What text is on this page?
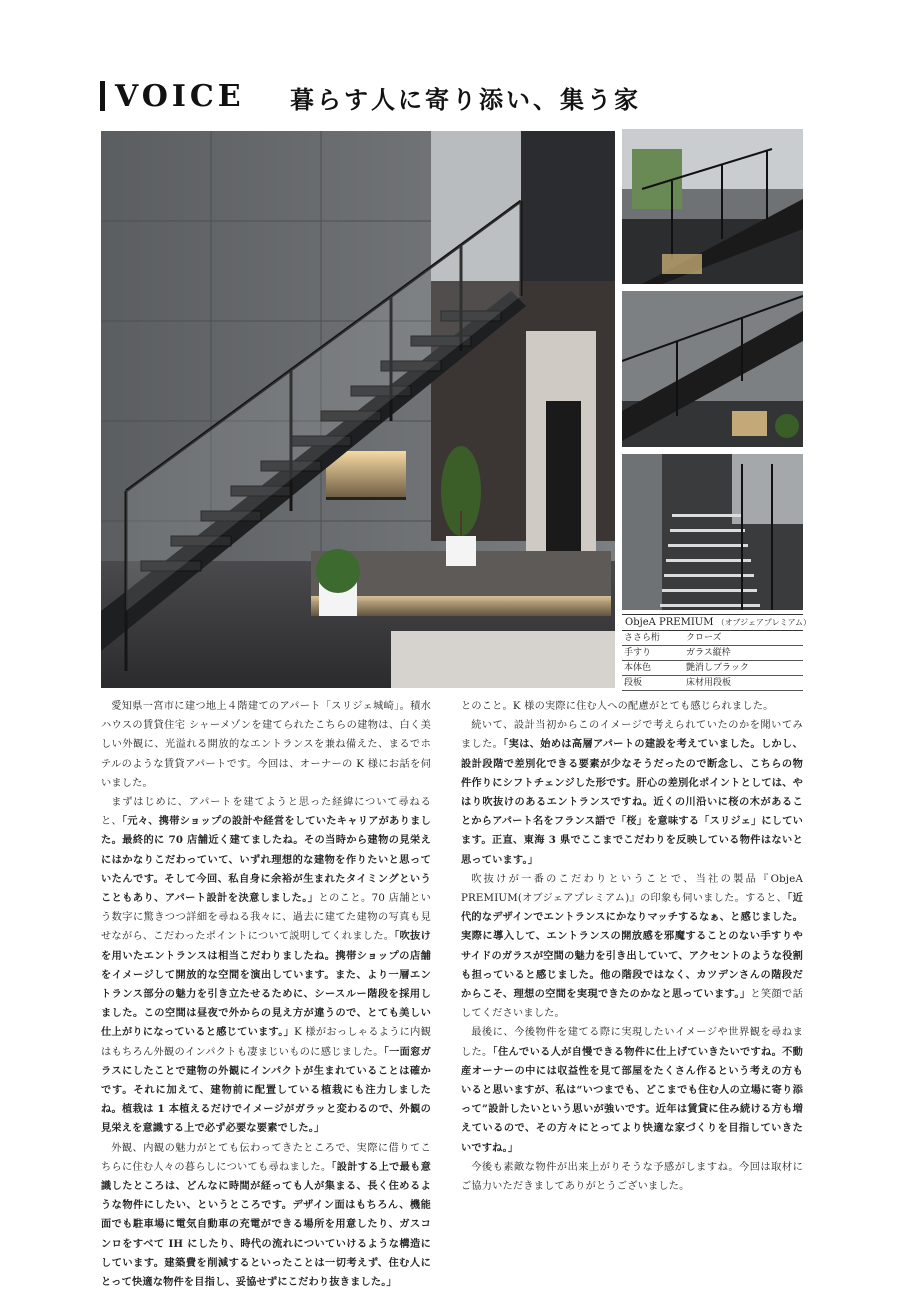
VOICE 暮らす人に寄り添い、集う家
ObjeA PREMIUM （オブジェアプレミアム）
ささら桁	クローズ
手すり	ガラス縦枠
本体色	艶消しブラック
段板	床材用段板

愛知県一宮市に建つ地上４階建てのアパート「スリジェ城崎」。積水ハウスの賃貸住宅 シャーメゾンを建てられたこちらの建物は、白く美しい外観に、光溢れる開放的なエントランスを兼ね備えた、まるでホテルのような賃貸アパートです。今回は、オーナーの K 様にお話を伺いました。

まずはじめに、アパートを建てようと思った経緯について尋ねると、「元々、携帯ショップの設計や経営をしていたキャリアがありました。最終的に 70 店舗近く建てましたね。その当時から建物の見栄えにはかなりこだわっていて、いずれ理想的な建物を作りたいと思っていたんです。そして今回、私自身に余裕が生まれたタイミングということもあり、アパート設計を決意しました。」とのこと。70 店舗という数字に驚きつつ詳細を尋ねる我々に、過去に建てた建物の写真も見せながら、こだわったポイントについて説明してくれました。「吹抜けを用いたエントランスは相当こだわりましたね。携帯ショップの店舗をイメージして開放的な空間を演出しています。また、より一層エントランス部分の魅力を引き立たせるために、シースルー階段を採用しました。この空間は昼夜で外からの見え方が違うので、とても美しい仕上がりになっていると感じています。」K 様がおっしゃるように内観はもちろん外観のインパクトも凄まじいものに感じました。「一面窓ガラスにしたことで建物の外観にインパクトが生まれていることは確かです。それに加えて、建物前に配置している植栽にも注力しましたね。植栽は 1 本植えるだけでイメージがガラッと変わるので、外観の見栄えを意識する上で必ず必要な要素でした。」

外観、内観の魅力がとても伝わってきたところで、実際に借りてこちらに住む人々の暮らしについても尋ねました。「設計する上で最も意識したところは、どんなに時間が経っても人が集まる、長く住めるような物件にしたい、というところです。デザイン面はもちろん、機能面でも駐車場に電気自動車の充電ができる場所を用意したり、ガスコンロをすべて IH にしたり、時代の流れについていけるような構造にしています。建築費を削減するといったことは一切考えず、住む人にとって快適な物件を目指し、妥協せずにこだわり抜きました。」

とのこと。K 様の実際に住む人への配慮がとても感じられました。

続いて、設計当初からこのイメージで考えられていたのかを聞いてみました。「実は、始めは高層アパートの建設を考えていました。しかし、設計段階で差別化できる要素が少なそうだったので断念し、こちらの物件作りにシフトチェンジした形です。肝心の差別化ポイントとしては、やはり吹抜けのあるエントランスですね。近くの川沿いに桜の木があることからアパート名をフランス語で「桜」を意味する「スリジェ」にしています。正直、東海 3 県でここまでこだわりを反映している物件はないと思っています。」

吹抜けが一番のこだわりということで、当社の製品『ObjeA PREMIUM(オブジェアプレミアム)』の印象も伺いました。すると、「近代的なデザインでエントランスにかなりマッチするなぁ、と感じました。実際に導入して、エントランスの開放感を邪魔することのない手すりやサイドのガラスが空間の魅力を引き出していて、アクセントのような役割も担っていると感じました。他の階段ではなく、カツデンさんの階段だからこそ、理想の空間を実現できたのかなと思っています。」と笑顔で話してくださいました。

最後に、今後物件を建てる際に実現したいイメージや世界観を尋ねました。「住んでいる人が自慢できる物件に仕上げていきたいですね。不動産オーナーの中には収益性を見て部屋をたくさん作るという考えの方もいると思いますが、私は“いつまでも、どこまでも住む人の立場に寄り添って”設計したいという思いが強いです。近年は賃貸に住み続ける方も増えているので、その方々にとってより快適な家づくりを目指していきたいですね。」

今後も素敵な物件が出来上がりそうな予感がしますね。今回は取材にご協力いただきましてありがとうございました。
